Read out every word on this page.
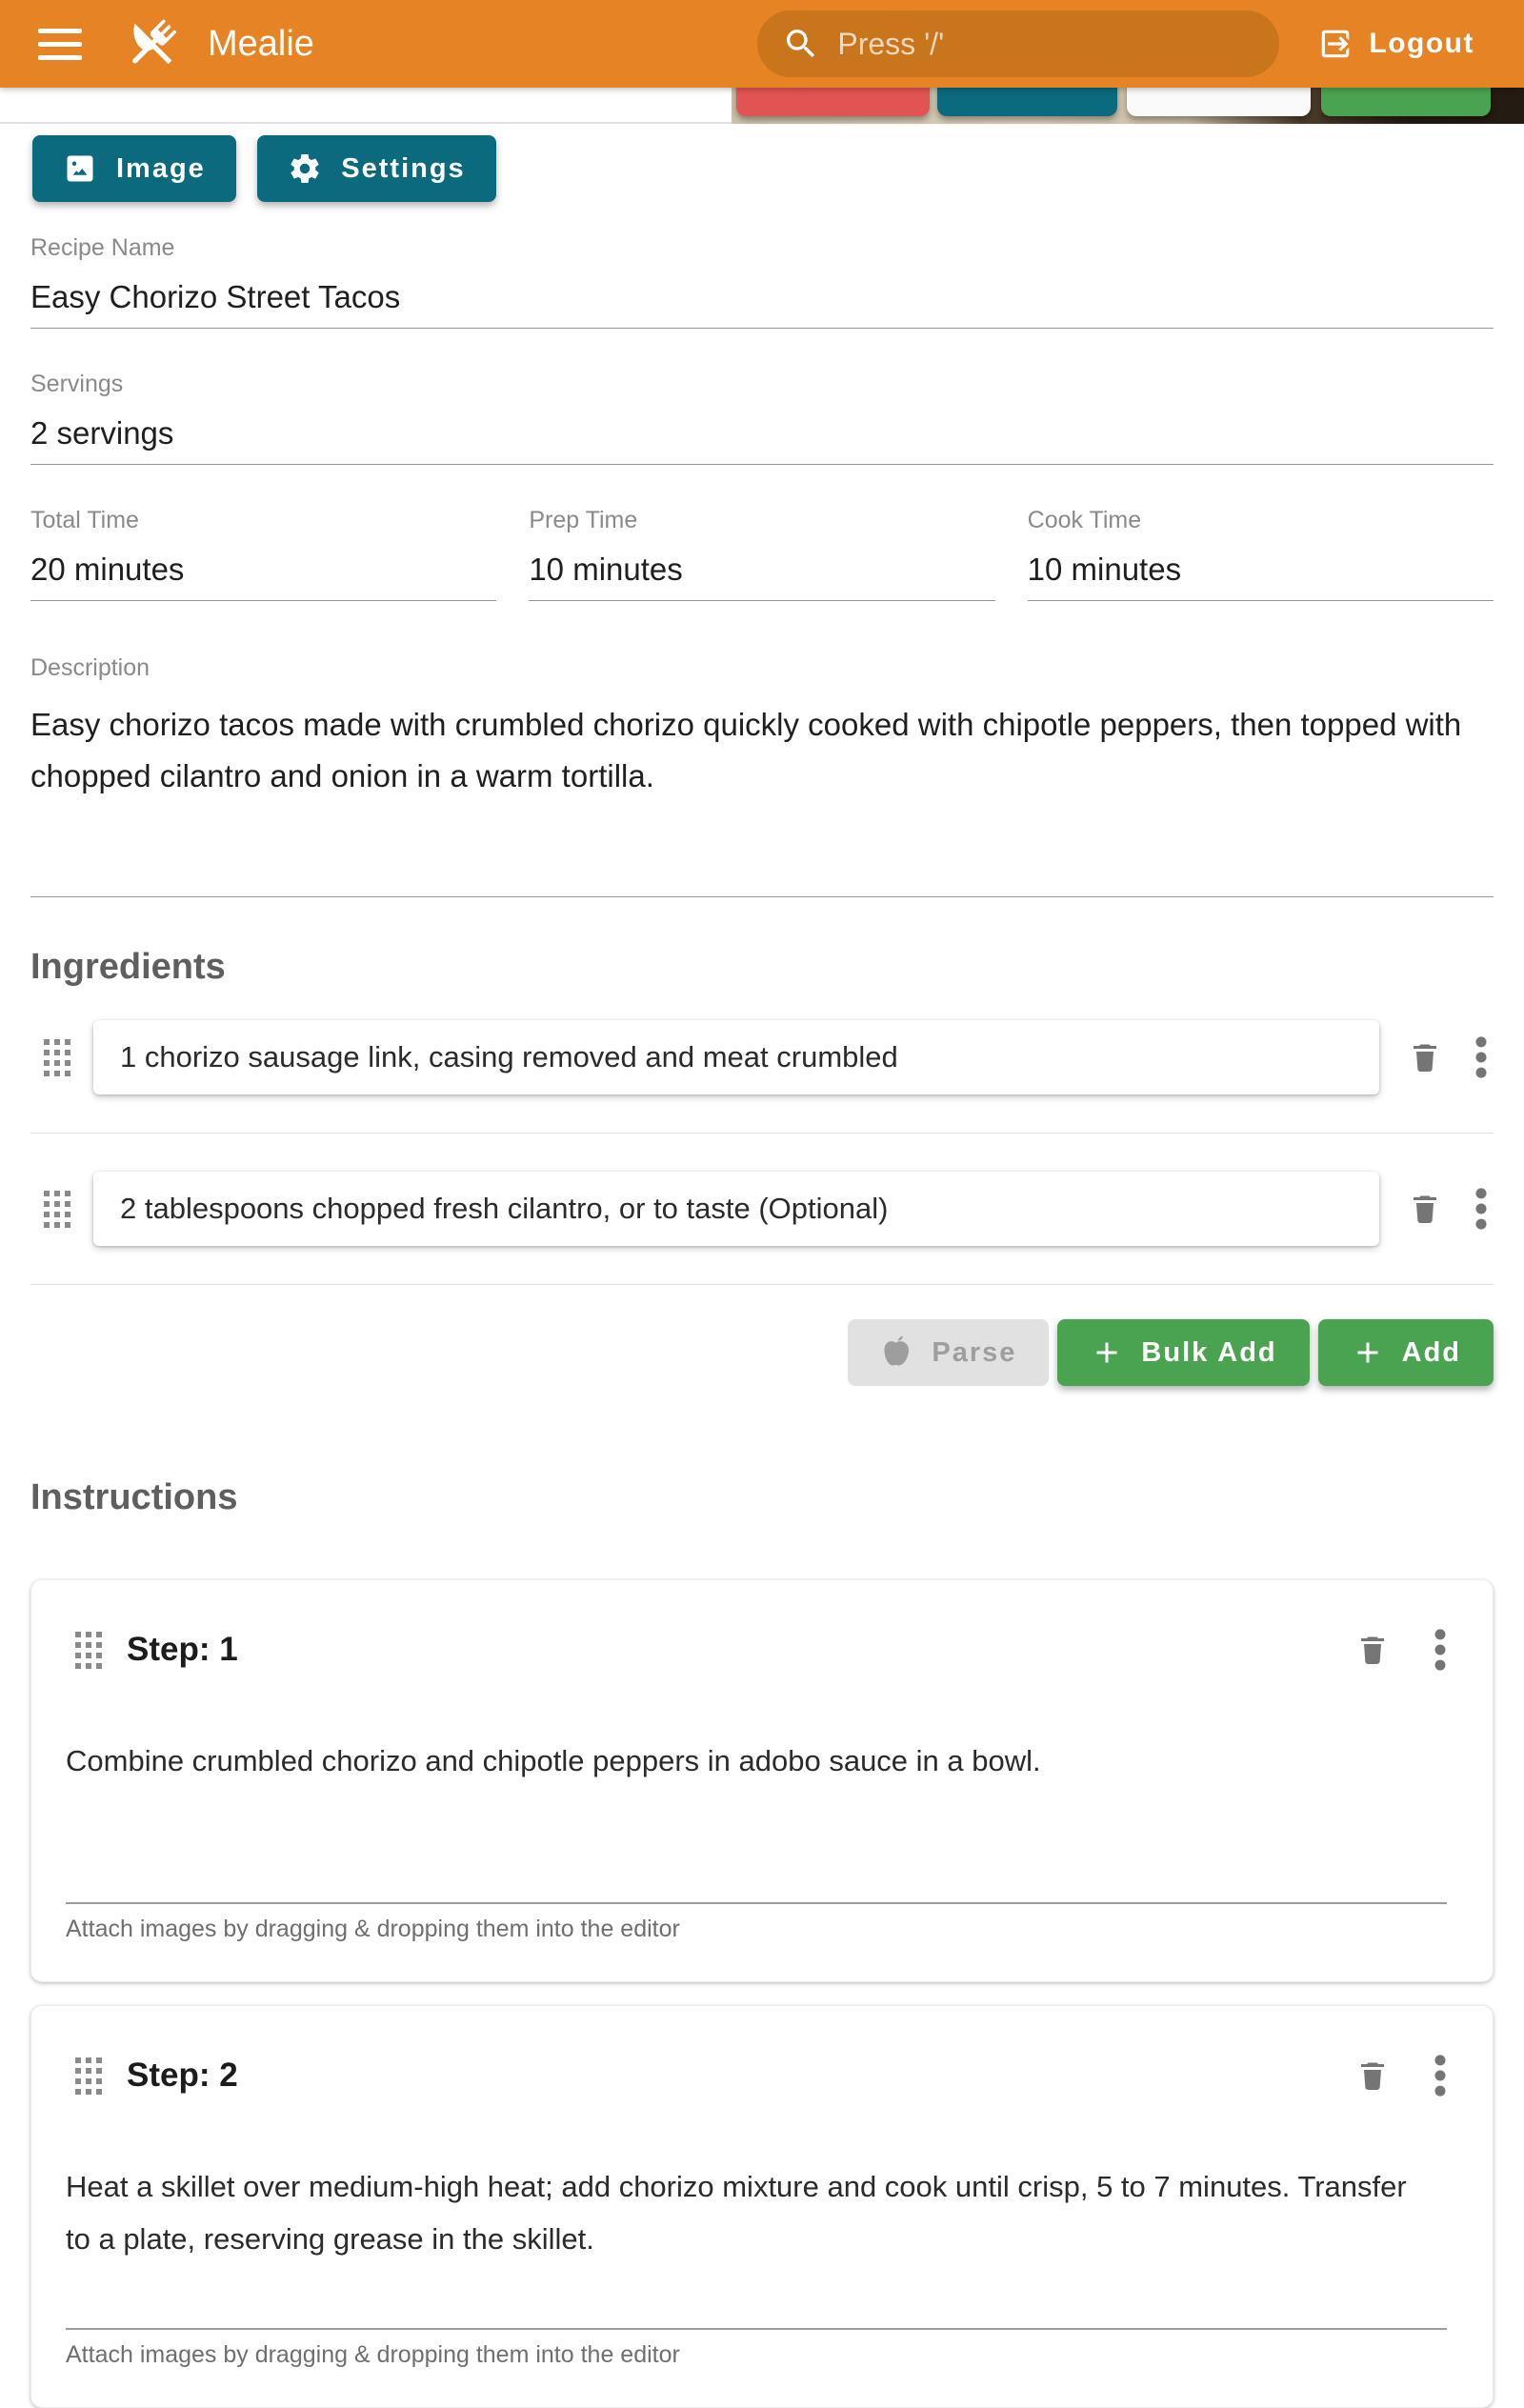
Mealie
Press '/'	Logout
Image
	Settings
Recipe Name
Easy Chorizo Street Tacos
Servings
2 servings
Total Time
20 minutes
Prep Time
10 minutes
Cook Time
10 minutes
Description
Easy chorizo tacos made with crumbled chorizo quickly cooked with chipotle peppers, then topped with chopped cilantro and onion in a warm tortilla.
Ingredients
1 chorizo sausage link, casing removed and meat crumbled
2 tablespoons chopped fresh cilantro, or to taste (Optional)
Parse	Bulk Add	Add
Instructions
Step: 1
Combine crumbled chorizo and chipotle peppers in adobo sauce in a bowl.
Attach images by dragging & dropping them into the editor
Step: 2
Heat a skillet over medium-high heat; add chorizo mixture and cook until crisp, 5 to 7 minutes. Transfer to a plate, reserving grease in the skillet.
Attach images by dragging & dropping them into the editor
